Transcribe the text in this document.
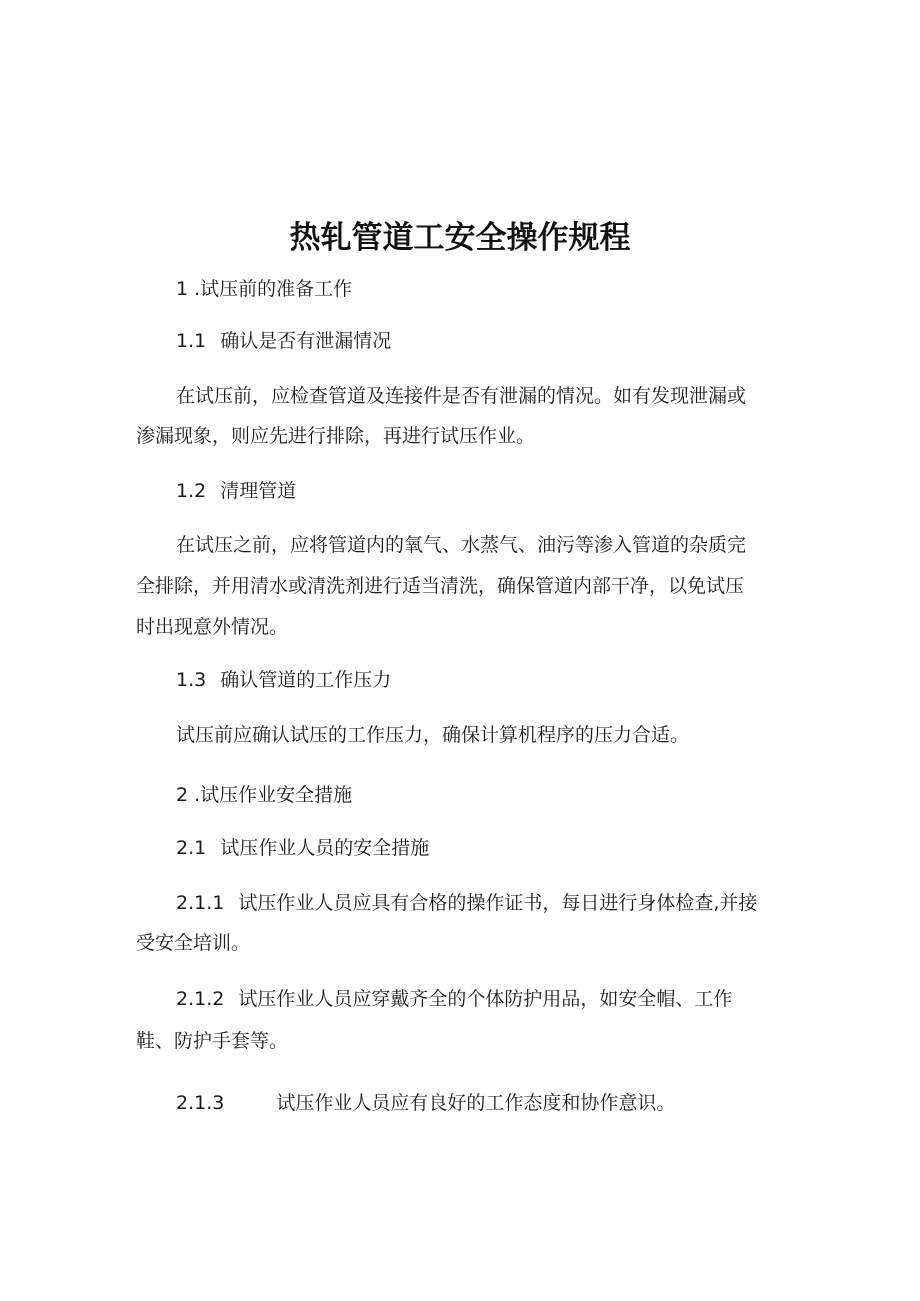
热轧管道工安全操作规程
1 .试压前的准备工作
1.1 确认是否有泄漏情况
在试压前，应检查管道及连接件是否有泄漏的情况。如有发现泄漏或
渗漏现象，则应先进行排除，再进行试压作业。
1.2 清理管道
在试压之前，应将管道内的氧气、水蒸气、油污等渗入管道的杂质完
全排除，并用清水或清洗剂进行适当清洗，确保管道内部干净，以免试压
时出现意外情况。
1.3 确认管道的工作压力
试压前应确认试压的工作压力，确保计算机程序的压力合适。
2 .试压作业安全措施
2.1 试压作业人员的安全措施
2.1.1 试压作业人员应具有合格的操作证书，每日进行身体检查,并接
受安全培训。
2.1.2 试压作业人员应穿戴齐全的个体防护用品，如安全帽、工作
鞋、防护手套等。
2.1.3	试压作业人员应有良好的工作态度和协作意识。
